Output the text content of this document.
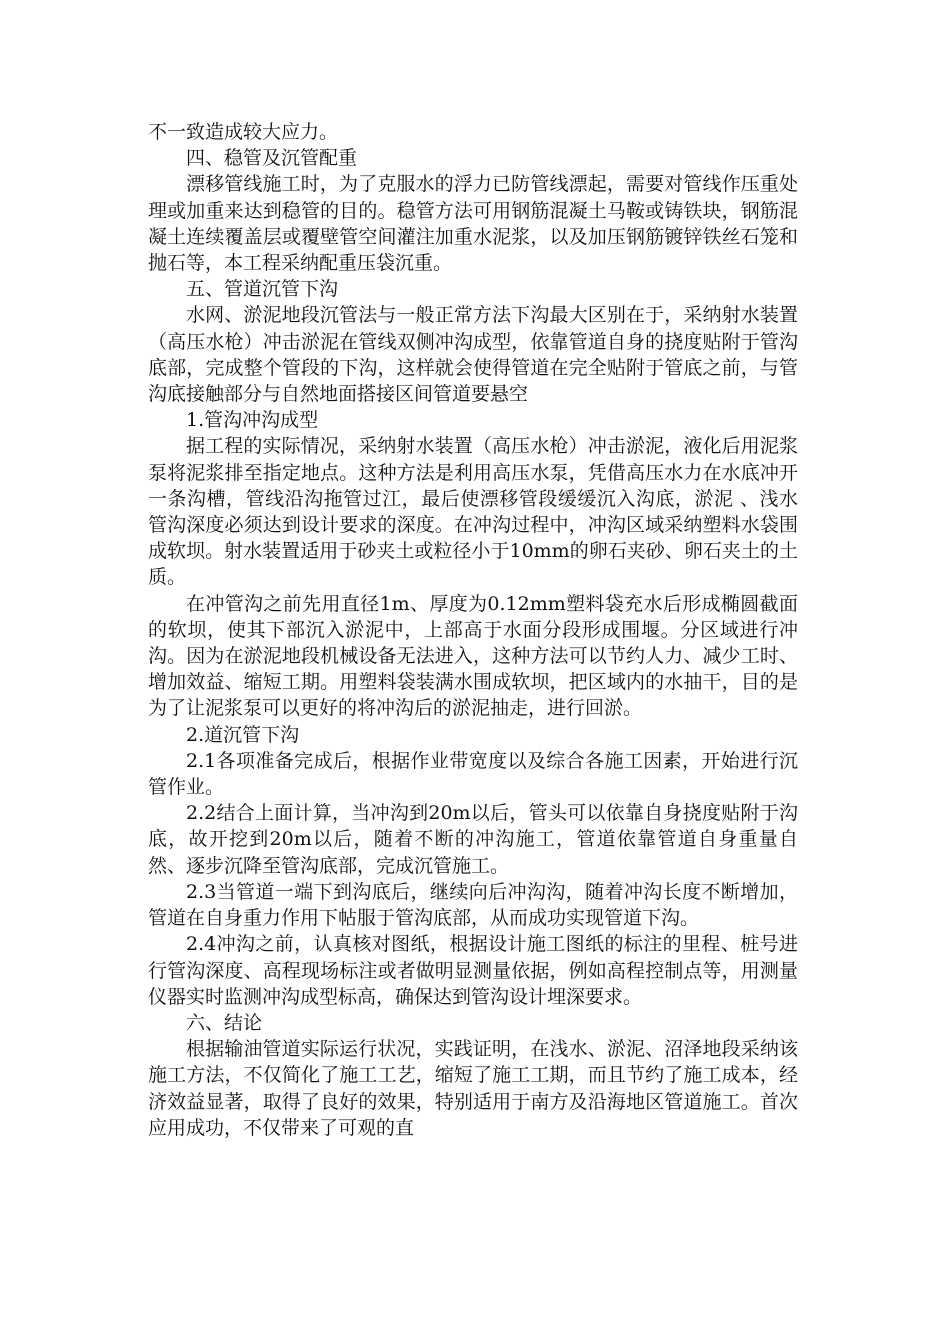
不一致造成较大应力。

四、稳管及沉管配重

漂移管线施工时，为了克服水的浮力已防管线漂起，需要对管线作压重处理或加重来达到稳管的目的。稳管方法可用钢筋混凝土马鞍或铸铁块，钢筋混凝土连续覆盖层或覆壁管空间灌注加重水泥浆，以及加压钢筋镀锌铁丝石笼和抛石等，本工程采纳配重压袋沉重。

五、管道沉管下沟

水网、淤泥地段沉管法与一般正常方法下沟最大区别在于，采纳射水装置（高压水枪）冲击淤泥在管线双侧冲沟成型，依靠管道自身的挠度贴附于管沟底部，完成整个管段的下沟，这样就会使得管道在完全贴附于管底之前，与管沟底接触部分与自然地面搭接区间管道要悬空

1.管沟冲沟成型

据工程的实际情况，采纳射水装置（高压水枪）冲击淤泥，液化后用泥浆泵将泥浆排至指定地点。这种方法是利用高压水泵，凭借高压水力在水底冲开一条沟槽，管线沿沟拖管过江，最后使漂移管段缓缓沉入沟底，淤泥 、浅水管沟深度必须达到设计要求的深度。在冲沟过程中，冲沟区域采纳塑料水袋围成软坝。射水装置适用于砂夹土或粒径小于10mm的卵石夹砂、卵石夹土的土质。

在冲管沟之前先用直径1m、厚度为0.12mm塑料袋充水后形成椭圆截面的软坝，使其下部沉入淤泥中，上部高于水面分段形成围堰。分区域进行冲沟。因为在淤泥地段机械设备无法进入，这种方法可以节约人力、减少工时、增加效益、缩短工期。用塑料袋装满水围成软坝，把区域内的水抽干，目的是为了让泥浆泵可以更好的将冲沟后的淤泥抽走，进行回淤。

2.道沉管下沟

2.1各项准备完成后，根据作业带宽度以及综合各施工因素，开始进行沉管作业。

2.2结合上面计算，当冲沟到20m以后，管头可以依靠自身挠度贴附于沟底，故开挖到20m以后，随着不断的冲沟施工，管道依靠管道自身重量自然、逐步沉降至管沟底部，完成沉管施工。

2.3当管道一端下到沟底后，继续向后冲沟沟，随着冲沟长度不断增加，管道在自身重力作用下帖服于管沟底部，从而成功实现管道下沟。

2.4冲沟之前，认真核对图纸，根据设计施工图纸的标注的里程、桩号进行管沟深度、高程现场标注或者做明显测量依据，例如高程控制点等，用测量仪器实时监测冲沟成型标高，确保达到管沟设计埋深要求。

六、结论

根据输油管道实际运行状况，实践证明，在浅水、淤泥、沼泽地段采纳该施工方法，不仅简化了施工工艺，缩短了施工工期，而且节约了施工成本，经济效益显著，取得了良好的效果，特别适用于南方及沿海地区管道施工。首次应用成功，不仅带来了可观的直
